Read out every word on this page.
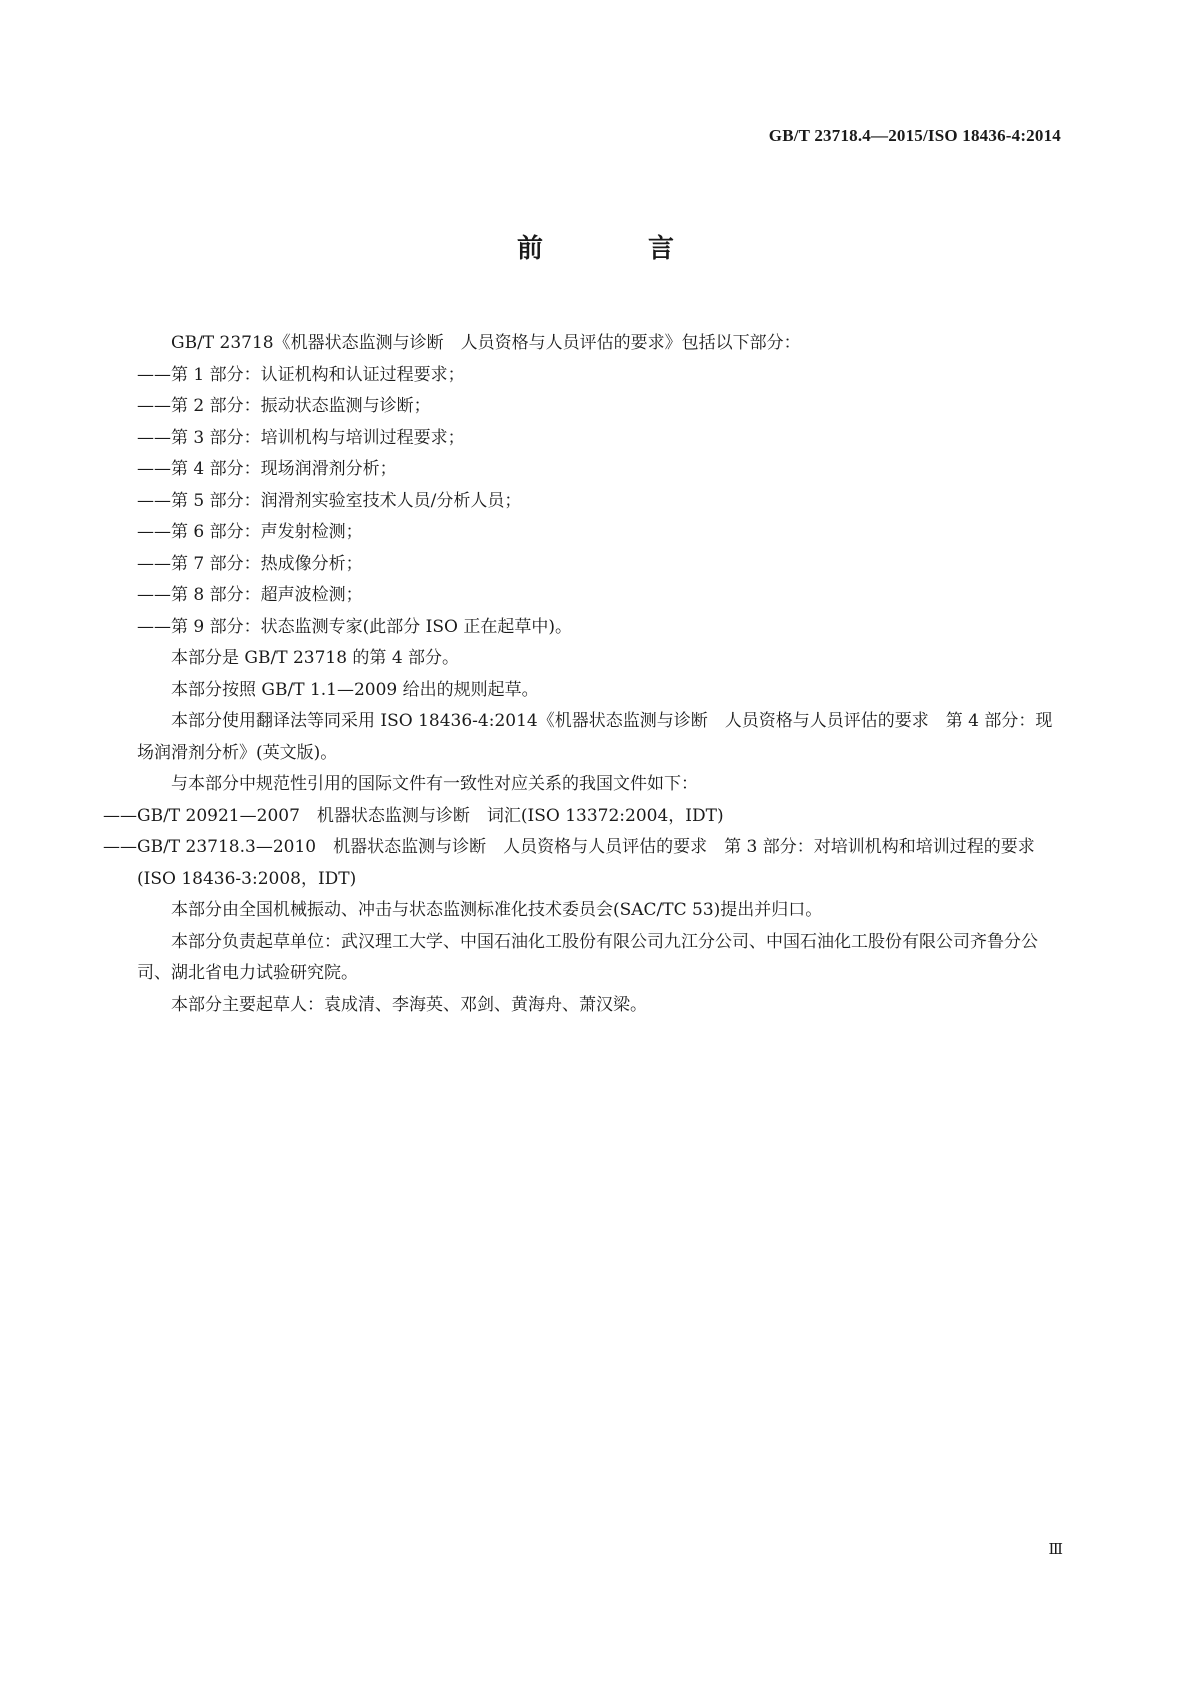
GB/T 23718.4—2015/ISO 18436-4:2014
前 言

GB/T 23718《机器状态监测与诊断　人员资格与人员评估的要求》包括以下部分：

——第 1 部分：认证机构和认证过程要求；

——第 2 部分：振动状态监测与诊断；

——第 3 部分：培训机构与培训过程要求；

——第 4 部分：现场润滑剂分析；

——第 5 部分：润滑剂实验室技术人员/分析人员；

——第 6 部分：声发射检测；

——第 7 部分：热成像分析；

——第 8 部分：超声波检测；

——第 9 部分：状态监测专家(此部分 ISO 正在起草中)。

本部分是 GB/T 23718 的第 4 部分。

本部分按照 GB/T 1.1—2009 给出的规则起草。

本部分使用翻译法等同采用 ISO 18436-4:2014《机器状态监测与诊断　人员资格与人员评估的要求　第 4 部分：现场润滑剂分析》(英文版)。

与本部分中规范性引用的国际文件有一致性对应关系的我国文件如下：

——GB/T 20921—2007　机器状态监测与诊断　词汇(ISO 13372:2004，IDT)

——GB/T 23718.3—2010　机器状态监测与诊断　人员资格与人员评估的要求　第 3 部分：对培训机构和培训过程的要求(ISO 18436-3:2008，IDT)

本部分由全国机械振动、冲击与状态监测标准化技术委员会(SAC/TC 53)提出并归口。

本部分负责起草单位：武汉理工大学、中国石油化工股份有限公司九江分公司、中国石油化工股份有限公司齐鲁分公司、湖北省电力试验研究院。

本部分主要起草人：袁成清、李海英、邓剑、黄海舟、萧汉梁。

Ⅲ
